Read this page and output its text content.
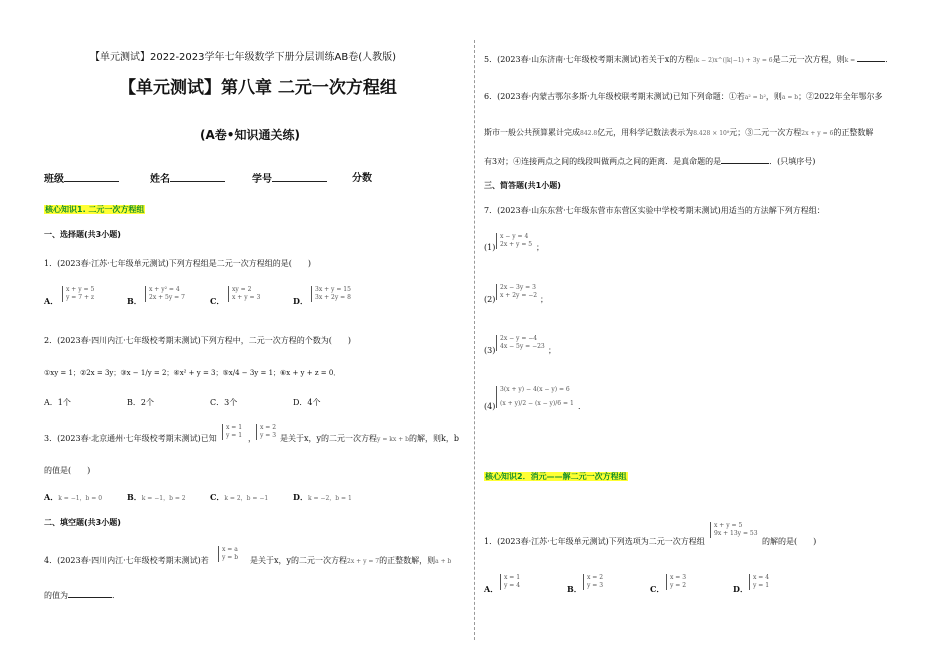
【单元测试】2022-2023学年七年级数学下册分层训练AB卷(人教版)
【单元测试】第八章 二元一次方程组
(A卷•知识通关练)
班级	姓名	学号	分数
核心知识1. 二元一次方程组
一、选择题(共3小题)
1．(2023春·江苏·七年级单元测试)下列方程组是二元一次方程组的是(　　)
A．
x + y = 5
y = 7 + z	B．
x + y² = 4
2x + 5y = 7	C．
xy = 2
x + y = 3	D．
3x + y = 15
3x + 2y = 8
2．(2023春·四川内江·七年级校考期末测试)下列方程中，二元一次方程的个数为(　　)
①xy = 1；②2x = 3y；③x − 1/y = 2；④x² + y = 3；⑤x/4 − 3y = 1；⑥x + y + z = 0．
A．1个	B．2个	C．3个	D．4个
3．(2023春·北京通州·七年级校考期末测试)已知
x = 1
y = 1 ，
x = 2
y = 3 是关于x，y的二元一次方程y = kx + b的解，则k，b
的值是(　　)
A．k = −1，b = 0	B．k = −1，b = 2	C．k = 2，b = −1	D．k = −2，b = 1
二、填空题(共3小题)
4．(2023春·四川内江·七年级校考期末测试)若
x = a
y = b 是关于x，y的二元一次方程2x + y = 7的正整数解，则a + b
的值为	．
5．(2023春·山东济南·七年级校考期末测试)若关于x的方程(k − 2)x^(|k|−1) + 3y = 6是二元一次方程，则k =	．
6．(2023春·内蒙古鄂尔多斯·九年级校联考期末测试)已知下列命题：①若a² = b²，则a = b；②2022年全年鄂尔多
斯市一般公共预算累计完成842.8亿元，用科学记数法表示为8.428 × 10⁸元；③二元一次方程2x + y = 6的正整数解
有3对；④连接两点之间的线段叫做两点之间的距离．是真命题的是	．(只填序号)
三、简答题(共1小题)
7．(2023春·山东东营·七年级东营市东营区实验中学校考期末测试)用适当的方法解下列方程组：
(1)
x − y = 4
2x + y = 5 ；
(2)
2x − 3y = 3
x + 2y = −2 ；
(3)
2x − y = −4
4x − 5y = −23 ；
(4)
3(x + y) − 4(x − y) = 6
(x + y)/2 − (x − y)/6 = 1 ．
核心知识2．消元——解二元一次方程组
1．(2023春·江苏·七年级单元测试)下列选项为二元一次方程组
x + y = 5
9x + 13y = 53
的解的是(　　)
A．
x = 1
y = 4	B．
x = 2
y = 3	C．
x = 3
y = 2	D．
x = 4
y = 1
